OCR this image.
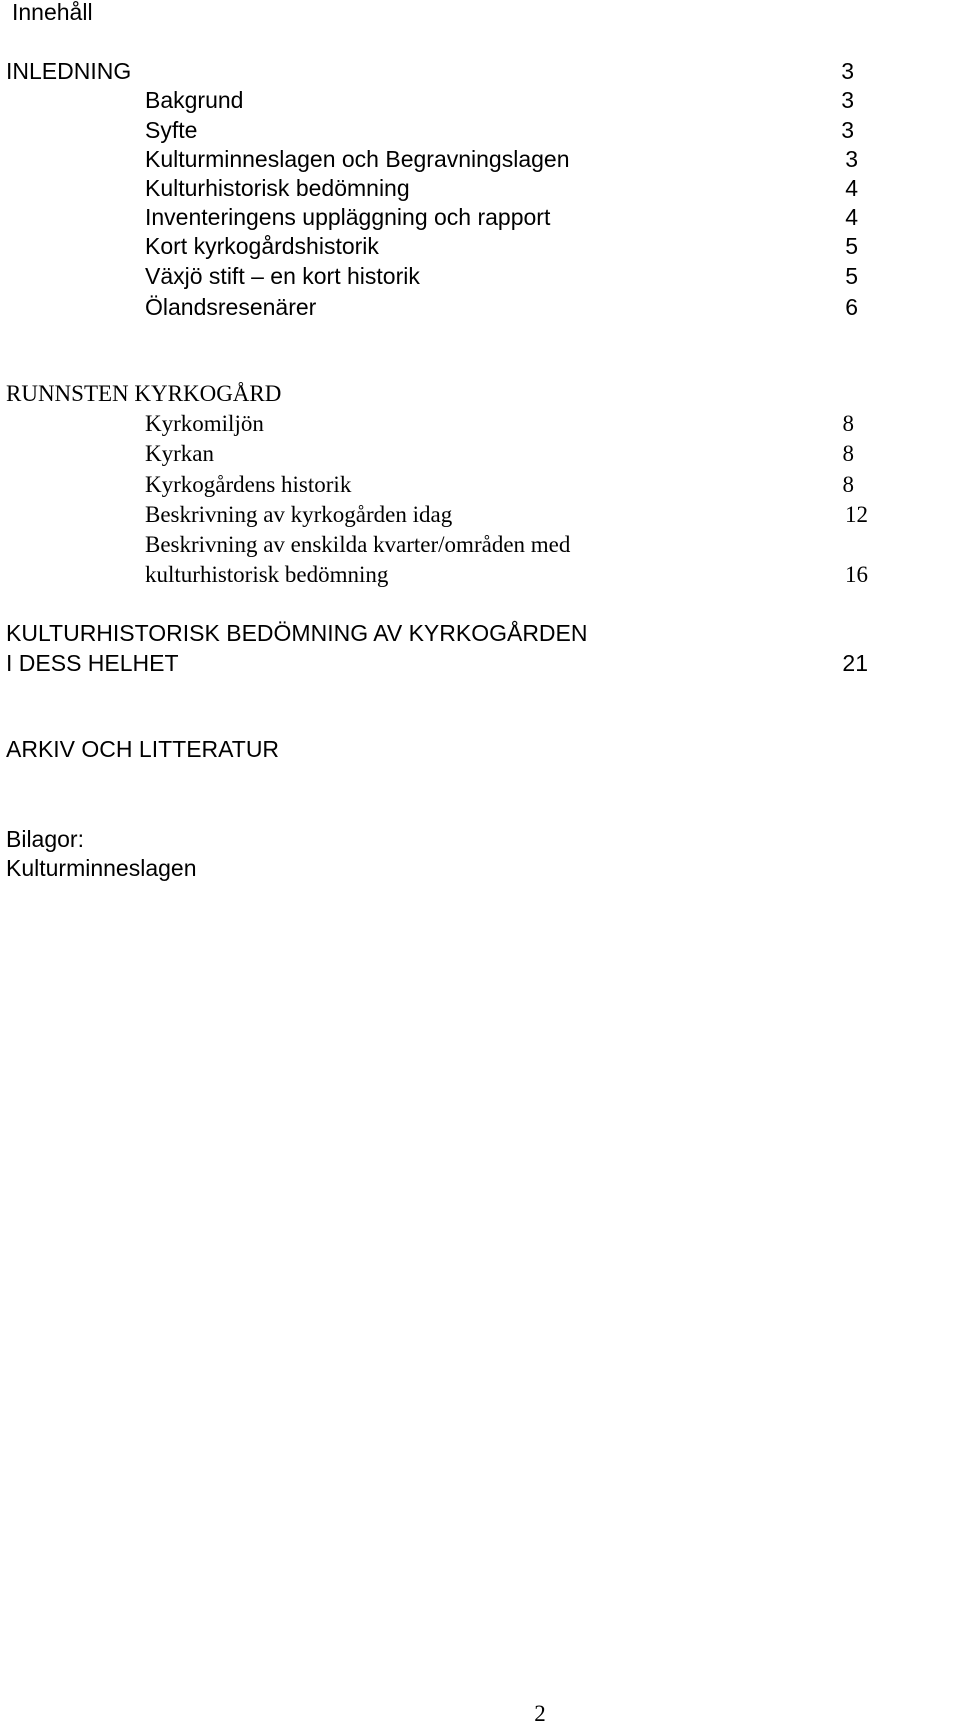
Innehåll
INLEDNING	3
Bakgrund	3
Syfte	3
Kulturminneslagen och Begravningslagen	3
Kulturhistorisk bedömning	4
Inventeringens uppläggning och rapport	4
Kort kyrkogårdshistorik	5
Växjö stift – en kort historik	5
Ölandsresenärer	6
RUNNSTEN KYRKOGÅRD
Kyrkomiljön	8
Kyrkan	8
Kyrkogårdens historik	8
Beskrivning av kyrkogården idag	12
Beskrivning av enskilda kvarter/områden med
kulturhistorisk bedömning	16
KULTURHISTORISK BEDÖMNING AV KYRKOGÅRDEN
I DESS HELHET	21
ARKIV OCH LITTERATUR
Bilagor:
Kulturminneslagen
2
